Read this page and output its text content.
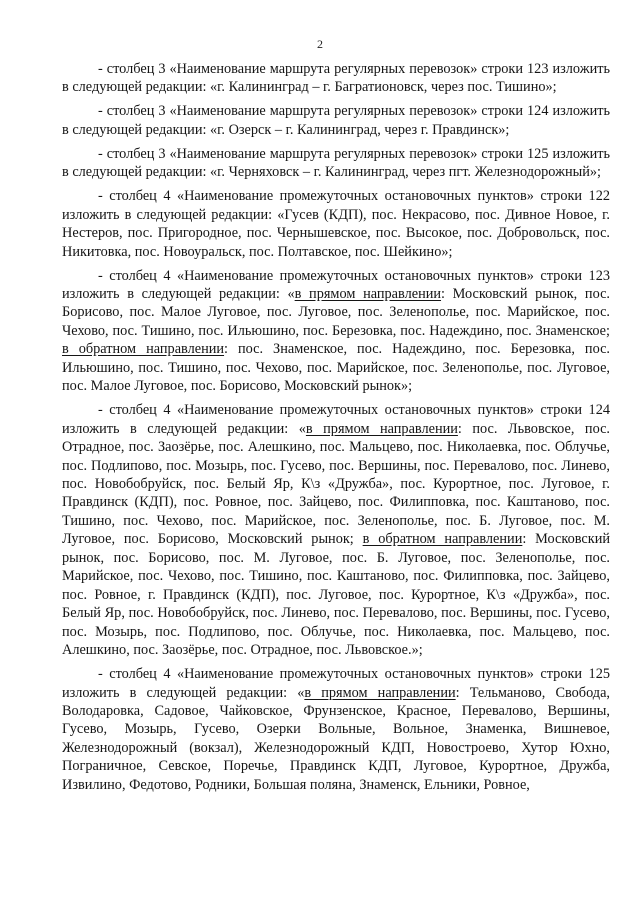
2

- столбец 3 «Наименование маршрута регулярных перевозок» строки 123 изложить в следующей редакции: «г. Калининград – г. Багратионовск, через пос. Тишино»;

- столбец 3 «Наименование маршрута регулярных перевозок» строки 124 изложить в следующей редакции: «г. Озерск – г. Калининград, через г. Правдинск»;

- столбец 3 «Наименование маршрута регулярных перевозок» строки 125 изложить в следующей редакции: «г. Черняховск – г. Калининград, через пгт. Железнодорожный»;

- столбец 4 «Наименование промежуточных остановочных пунктов» строки 122 изложить в следующей редакции: «Гусев (КДП), пос. Некрасово, пос. Дивное Новое, г. Нестеров, пос. Пригородное, пос. Чернышевское, пос. Высокое, пос. Добровольск, пос. Никитовка, пос. Новоуральск, пос. Полтавское, пос. Шейкино»;

- столбец 4 «Наименование промежуточных остановочных пунктов» строки 123 изложить в следующей редакции: «в прямом направлении: Московский рынок, пос. Борисово, пос. Малое Луговое, пос. Луговое, пос. Зеленополье, пос. Марийское, пос. Чехово, пос. Тишино, пос. Ильюшино, пос. Березовка, пос. Надеждино, пос. Знаменское; в обратном направлении: пос. Знаменское, пос. Надеждино, пос. Березовка, пос. Ильюшино, пос. Тишино, пос. Чехово, пос. Марийское, пос. Зеленополье, пос. Луговое, пос. Малое Луговое, пос. Борисово, Московский рынок»;

- столбец 4 «Наименование промежуточных остановочных пунктов» строки 124 изложить в следующей редакции: «в прямом направлении: пос. Львовское, пос. Отрадное, пос. Заозёрье, пос. Алешкино, пос. Мальцево, пос. Николаевка, пос. Облучье, пос. Подлипово, пос. Мозырь, пос. Гусево, пос. Вершины, пос. Перевалово, пос. Линево, пос. Новобобруйск, пос. Белый Яр, К\з «Дружба», пос. Курортное, пос. Луговое, г. Правдинск (КДП), пос. Ровное, пос. Зайцево, пос. Филипповка, пос. Каштаново, пос. Тишино, пос. Чехово, пос. Марийское, пос. Зеленополье, пос. Б. Луговое, пос. М. Луговое, пос. Борисово, Московский рынок; в обратном направлении: Московский рынок, пос. Борисово, пос. М. Луговое, пос. Б. Луговое, пос. Зеленополье, пос. Марийское, пос. Чехово, пос. Тишино, пос. Каштаново, пос. Филипповка, пос. Зайцево, пос. Ровное, г. Правдинск (КДП), пос. Луговое, пос. Курортное, К\з «Дружба», пос. Белый Яр, пос. Новобобруйск, пос. Линево, пос. Перевалово, пос. Вершины, пос. Гусево, пос. Мозырь, пос. Подлипово, пос. Облучье, пос. Николаевка, пос. Мальцево, пос. Алешкино, пос. Заозёрье, пос. Отрадное, пос. Львовское.»;

- столбец 4 «Наименование промежуточных остановочных пунктов» строки 125 изложить в следующей редакции: «в прямом направлении: Тельманово, Свобода, Володаровка, Садовое, Чайковское, Фрунзенское, Красное, Перевалово, Вершины, Гусево, Мозырь, Гусево, Озерки Вольные, Вольное, Знаменка, Вишневое, Железнодорожный (вокзал), Железнодорожный КДП, Новостроево, Хутор Юхно, Пограничное, Севское, Поречье, Правдинск КДП, Луговое, Курортное, Дружба, Извилино, Федотово, Родники, Большая поляна, Знаменск, Ельники, Ровное,
